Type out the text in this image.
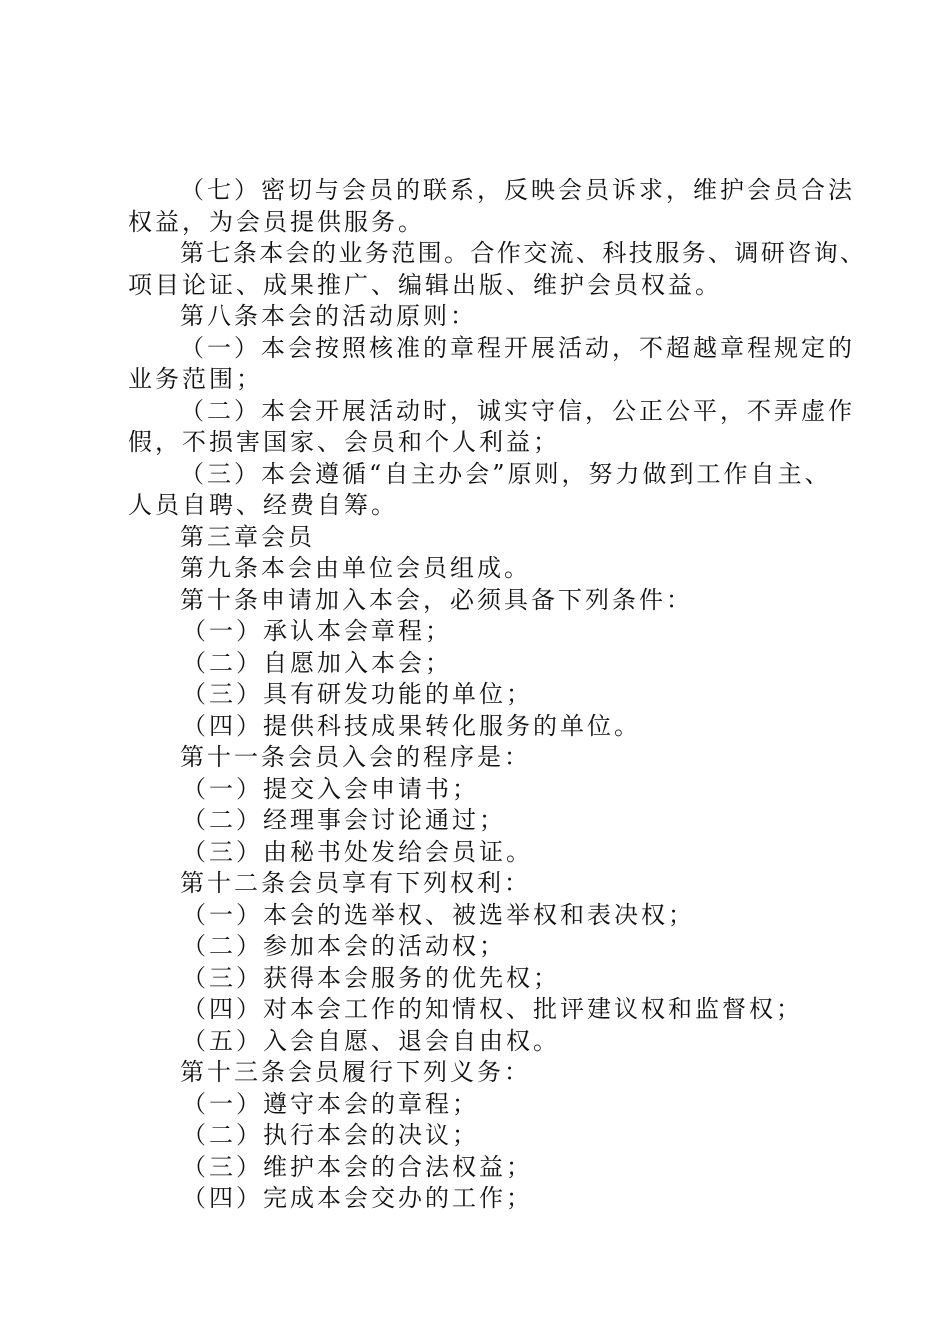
（七）密切与会员的联系，反映会员诉求，维护会员合法
权益，为会员提供服务。
第七条本会的业务范围。合作交流、科技服务、调研咨询、
项目论证、成果推广、编辑出版、维护会员权益。
第八条本会的活动原则：
（一）本会按照核准的章程开展活动，不超越章程规定的
业务范围；
（二）本会开展活动时，诚实守信，公正公平，不弄虚作
假，不损害国家、会员和个人利益；
（三）本会遵循“自主办会”原则，努力做到工作自主、
人员自聘、经费自筹。
第三章会员
第九条本会由单位会员组成。
第十条申请加入本会，必须具备下列条件：
（一）承认本会章程；
（二）自愿加入本会；
（三）具有研发功能的单位；
（四）提供科技成果转化服务的单位。
第十一条会员入会的程序是：
（一）提交入会申请书；
（二）经理事会讨论通过；
（三）由秘书处发给会员证。
第十二条会员享有下列权利：
（一）本会的选举权、被选举权和表决权；
（二）参加本会的活动权；
（三）获得本会服务的优先权；
（四）对本会工作的知情权、批评建议权和监督权；
（五）入会自愿、退会自由权。
第十三条会员履行下列义务：
（一）遵守本会的章程；
（二）执行本会的决议；
（三）维护本会的合法权益；
（四）完成本会交办的工作；
